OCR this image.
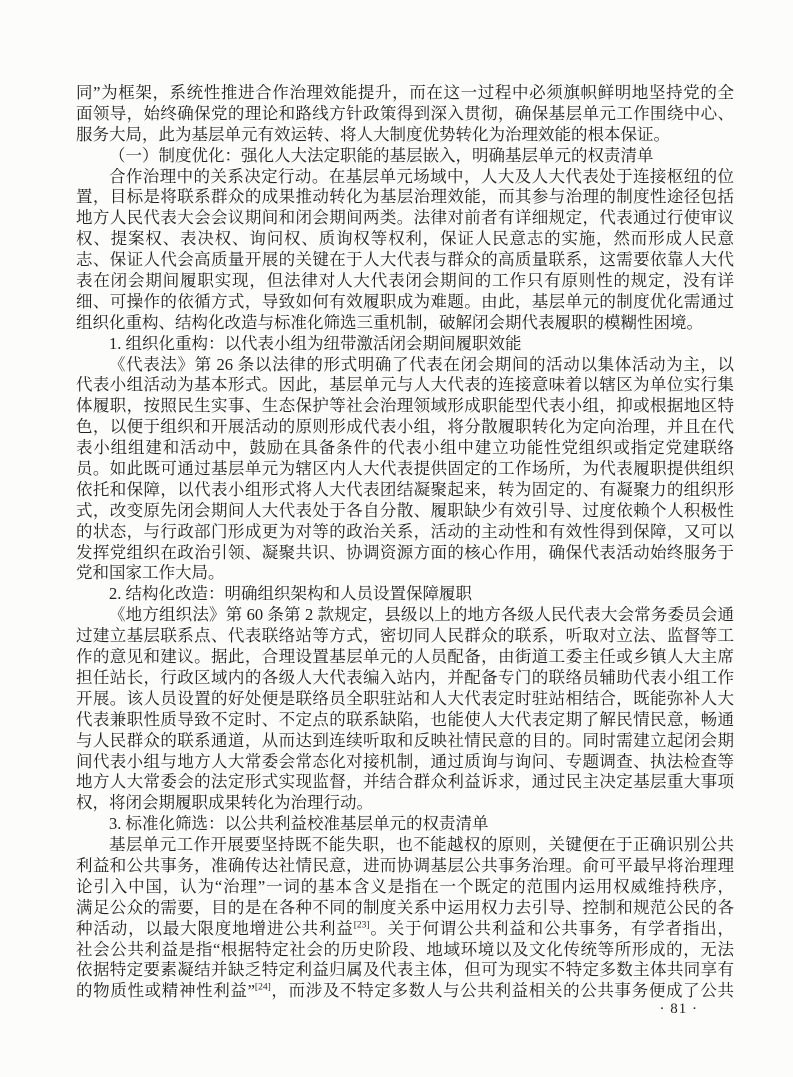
同”为框架，系统性推进合作治理效能提升，而在这一过程中必须旗帜鲜明地坚持党的全
面领导，始终确保党的理论和路线方针政策得到深入贯彻，确保基层单元工作围绕中心、
服务大局，此为基层单元有效运转、将人大制度优势转化为治理效能的根本保证。
（一）制度优化：强化人大法定职能的基层嵌入，明确基层单元的权责清单
合作治理中的关系决定行动。在基层单元场域中，人大及人大代表处于连接枢纽的位
置，目标是将联系群众的成果推动转化为基层治理效能，而其参与治理的制度性途径包括
地方人民代表大会会议期间和闭会期间两类。法律对前者有详细规定，代表通过行使审议
权、提案权、表决权、询问权、质询权等权利，保证人民意志的实施，然而形成人民意
志、保证人代会高质量开展的关键在于人大代表与群众的高质量联系，这需要依靠人大代
表在闭会期间履职实现，但法律对人大代表闭会期间的工作只有原则性的规定，没有详
细、可操作的依循方式，导致如何有效履职成为难题。由此，基层单元的制度优化需通过
组织化重构、结构化改造与标准化筛选三重机制，破解闭会期代表履职的模糊性困境。
1. 组织化重构：以代表小组为纽带激活闭会期间履职效能
《代表法》第 26 条以法律的形式明确了代表在闭会期间的活动以集体活动为主，以
代表小组活动为基本形式。因此，基层单元与人大代表的连接意味着以辖区为单位实行集
体履职，按照民生实事、生态保护等社会治理领域形成职能型代表小组，抑或根据地区特
色，以便于组织和开展活动的原则形成代表小组，将分散履职转化为定向治理，并且在代
表小组组建和活动中，鼓励在具备条件的代表小组中建立功能性党组织或指定党建联络
员。如此既可通过基层单元为辖区内人大代表提供固定的工作场所，为代表履职提供组织
依托和保障，以代表小组形式将人大代表团结凝聚起来，转为固定的、有凝聚力的组织形
式，改变原先闭会期间人大代表处于各自分散、履职缺少有效引导、过度依赖个人积极性
的状态，与行政部门形成更为对等的政治关系，活动的主动性和有效性得到保障，又可以
发挥党组织在政治引领、凝聚共识、协调资源方面的核心作用，确保代表活动始终服务于
党和国家工作大局。
2. 结构化改造：明确组织架构和人员设置保障履职
《地方组织法》第 60 条第 2 款规定，县级以上的地方各级人民代表大会常务委员会通
过建立基层联系点、代表联络站等方式，密切同人民群众的联系，听取对立法、监督等工
作的意见和建议。据此，合理设置基层单元的人员配备，由街道工委主任或乡镇人大主席
担任站长，行政区域内的各级人大代表编入站内，并配备专门的联络员辅助代表小组工作
开展。该人员设置的好处便是联络员全职驻站和人大代表定时驻站相结合，既能弥补人大
代表兼职性质导致不定时、不定点的联系缺陷，也能使人大代表定期了解民情民意，畅通
与人民群众的联系通道，从而达到连续听取和反映社情民意的目的。同时需建立起闭会期
间代表小组与地方人大常委会常态化对接机制，通过质询与询问、专题调查、执法检查等
地方人大常委会的法定形式实现监督，并结合群众利益诉求，通过民主决定基层重大事项
权，将闭会期履职成果转化为治理行动。
3. 标准化筛选：以公共利益校准基层单元的权责清单
基层单元工作开展要坚持既不能失职，也不能越权的原则，关键便在于正确识别公共
利益和公共事务，准确传达社情民意，进而协调基层公共事务治理。俞可平最早将治理理
论引入中国，认为“治理”一词的基本含义是指在一个既定的范围内运用权威维持秩序，
满足公众的需要，目的是在各种不同的制度关系中运用权力去引导、控制和规范公民的各
种活动，以最大限度地增进公共利益[23]。关于何谓公共利益和公共事务，有学者指出，
社会公共利益是指“根据特定社会的历史阶段、地域环境以及文化传统等所形成的，无法
依据特定要素凝结并缺乏特定利益归属及代表主体，但可为现实不特定多数主体共同享有
的物质性或精神性利益”[24]，而涉及不特定多数人与公共利益相关的公共事务便成了公共
· 81 ·
